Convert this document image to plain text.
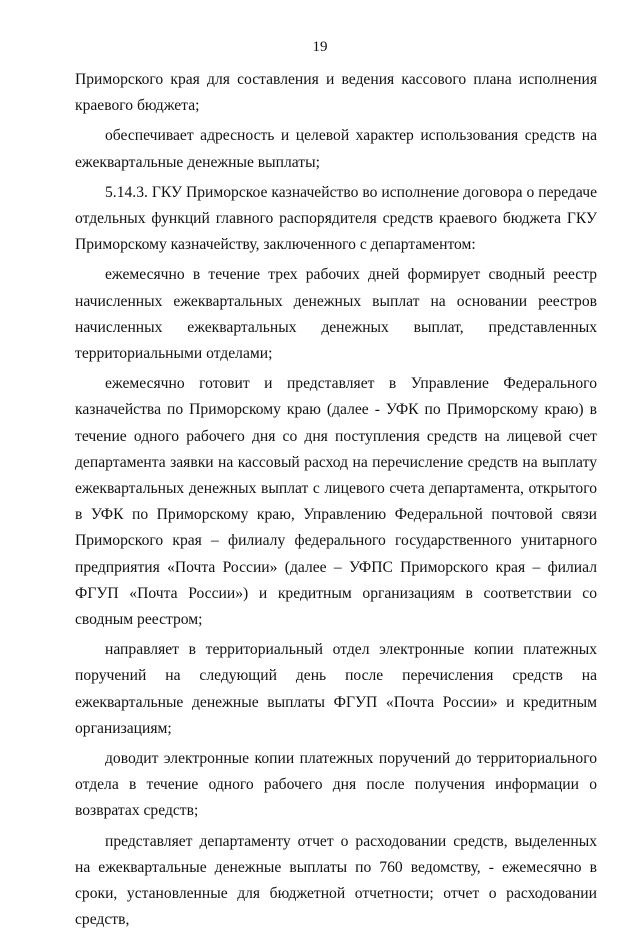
19

Приморского края для составления и ведения кассового плана исполнения краевого бюджета;

обеспечивает адресность и целевой характер использования средств на ежеквартальные денежные выплаты;

5.14.3. ГКУ Приморское казначейство во исполнение договора о передаче отдельных функций главного распорядителя средств краевого бюджета ГКУ Приморскому казначейству, заключенного с департаментом:

ежемесячно в течение трех рабочих дней формирует сводный реестр начисленных ежеквартальных денежных выплат на основании реестров начисленных ежеквартальных денежных выплат, представленных территориальными отделами;

ежемесячно готовит и представляет в Управление Федерального казначейства по Приморскому краю (далее - УФК по Приморскому краю) в течение одного рабочего дня со дня поступления средств на лицевой счет департамента заявки на кассовый расход на перечисление средств на выплату ежеквартальных денежных выплат с лицевого счета департамента, открытого в УФК по Приморскому краю, Управлению Федеральной почтовой связи Приморского края – филиалу федерального государственного унитарного предприятия «Почта России» (далее – УФПС Приморского края – филиал ФГУП «Почта России») и кредитным организациям в соответствии со сводным реестром;

направляет в территориальный отдел электронные копии платежных поручений на следующий день после перечисления средств на ежеквартальные денежные выплаты ФГУП «Почта России» и кредитным организациям;

доводит электронные копии платежных поручений до территориального отдела в течение одного рабочего дня после получения информации о возвратах средств;

представляет департаменту отчет о расходовании средств, выделенных на ежеквартальные денежные выплаты по 760 ведомству, - ежемесячно в сроки, установленные для бюджетной отчетности; отчет о расходовании средств,
